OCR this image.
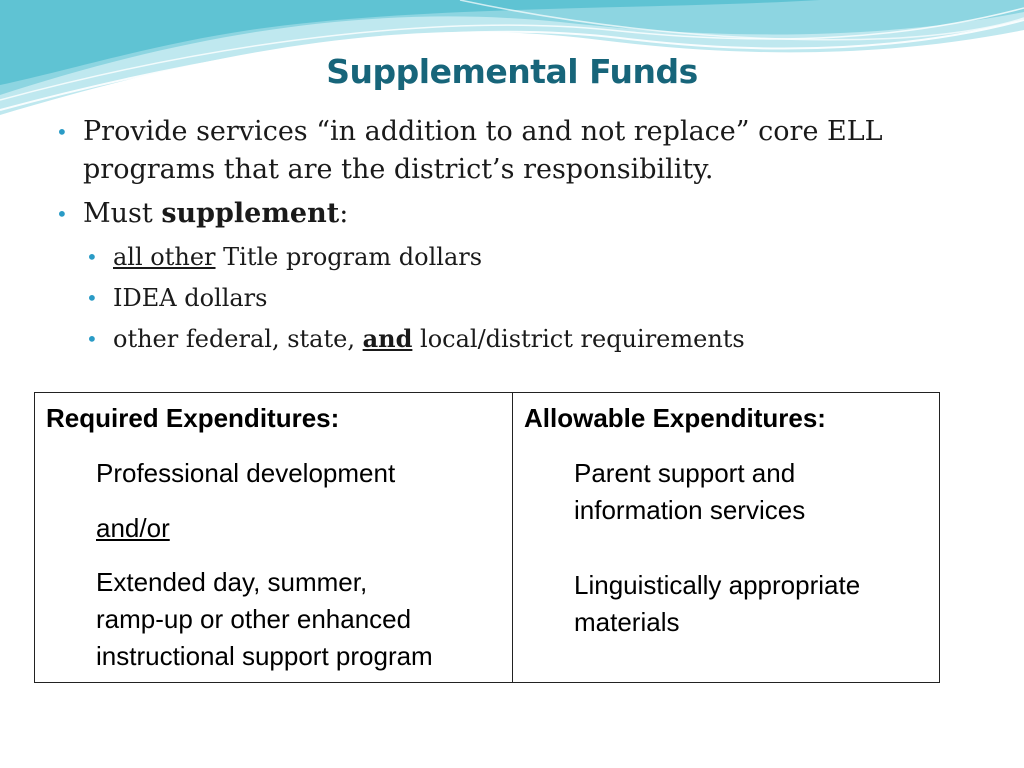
Supplemental Funds
• Provide services “in addition to and not replace” core ELL programs that are the district’s responsibility.
• Must supplement:
• all other Title program dollars
• IDEA dollars
• other federal, state, and local/district requirements
Required Expenditures:
Professional development
and/or
Extended day, summer,
ramp-up or other enhanced
instructional support program
Allowable Expenditures:
Parent support and
information services
Linguistically appropriate
materials
